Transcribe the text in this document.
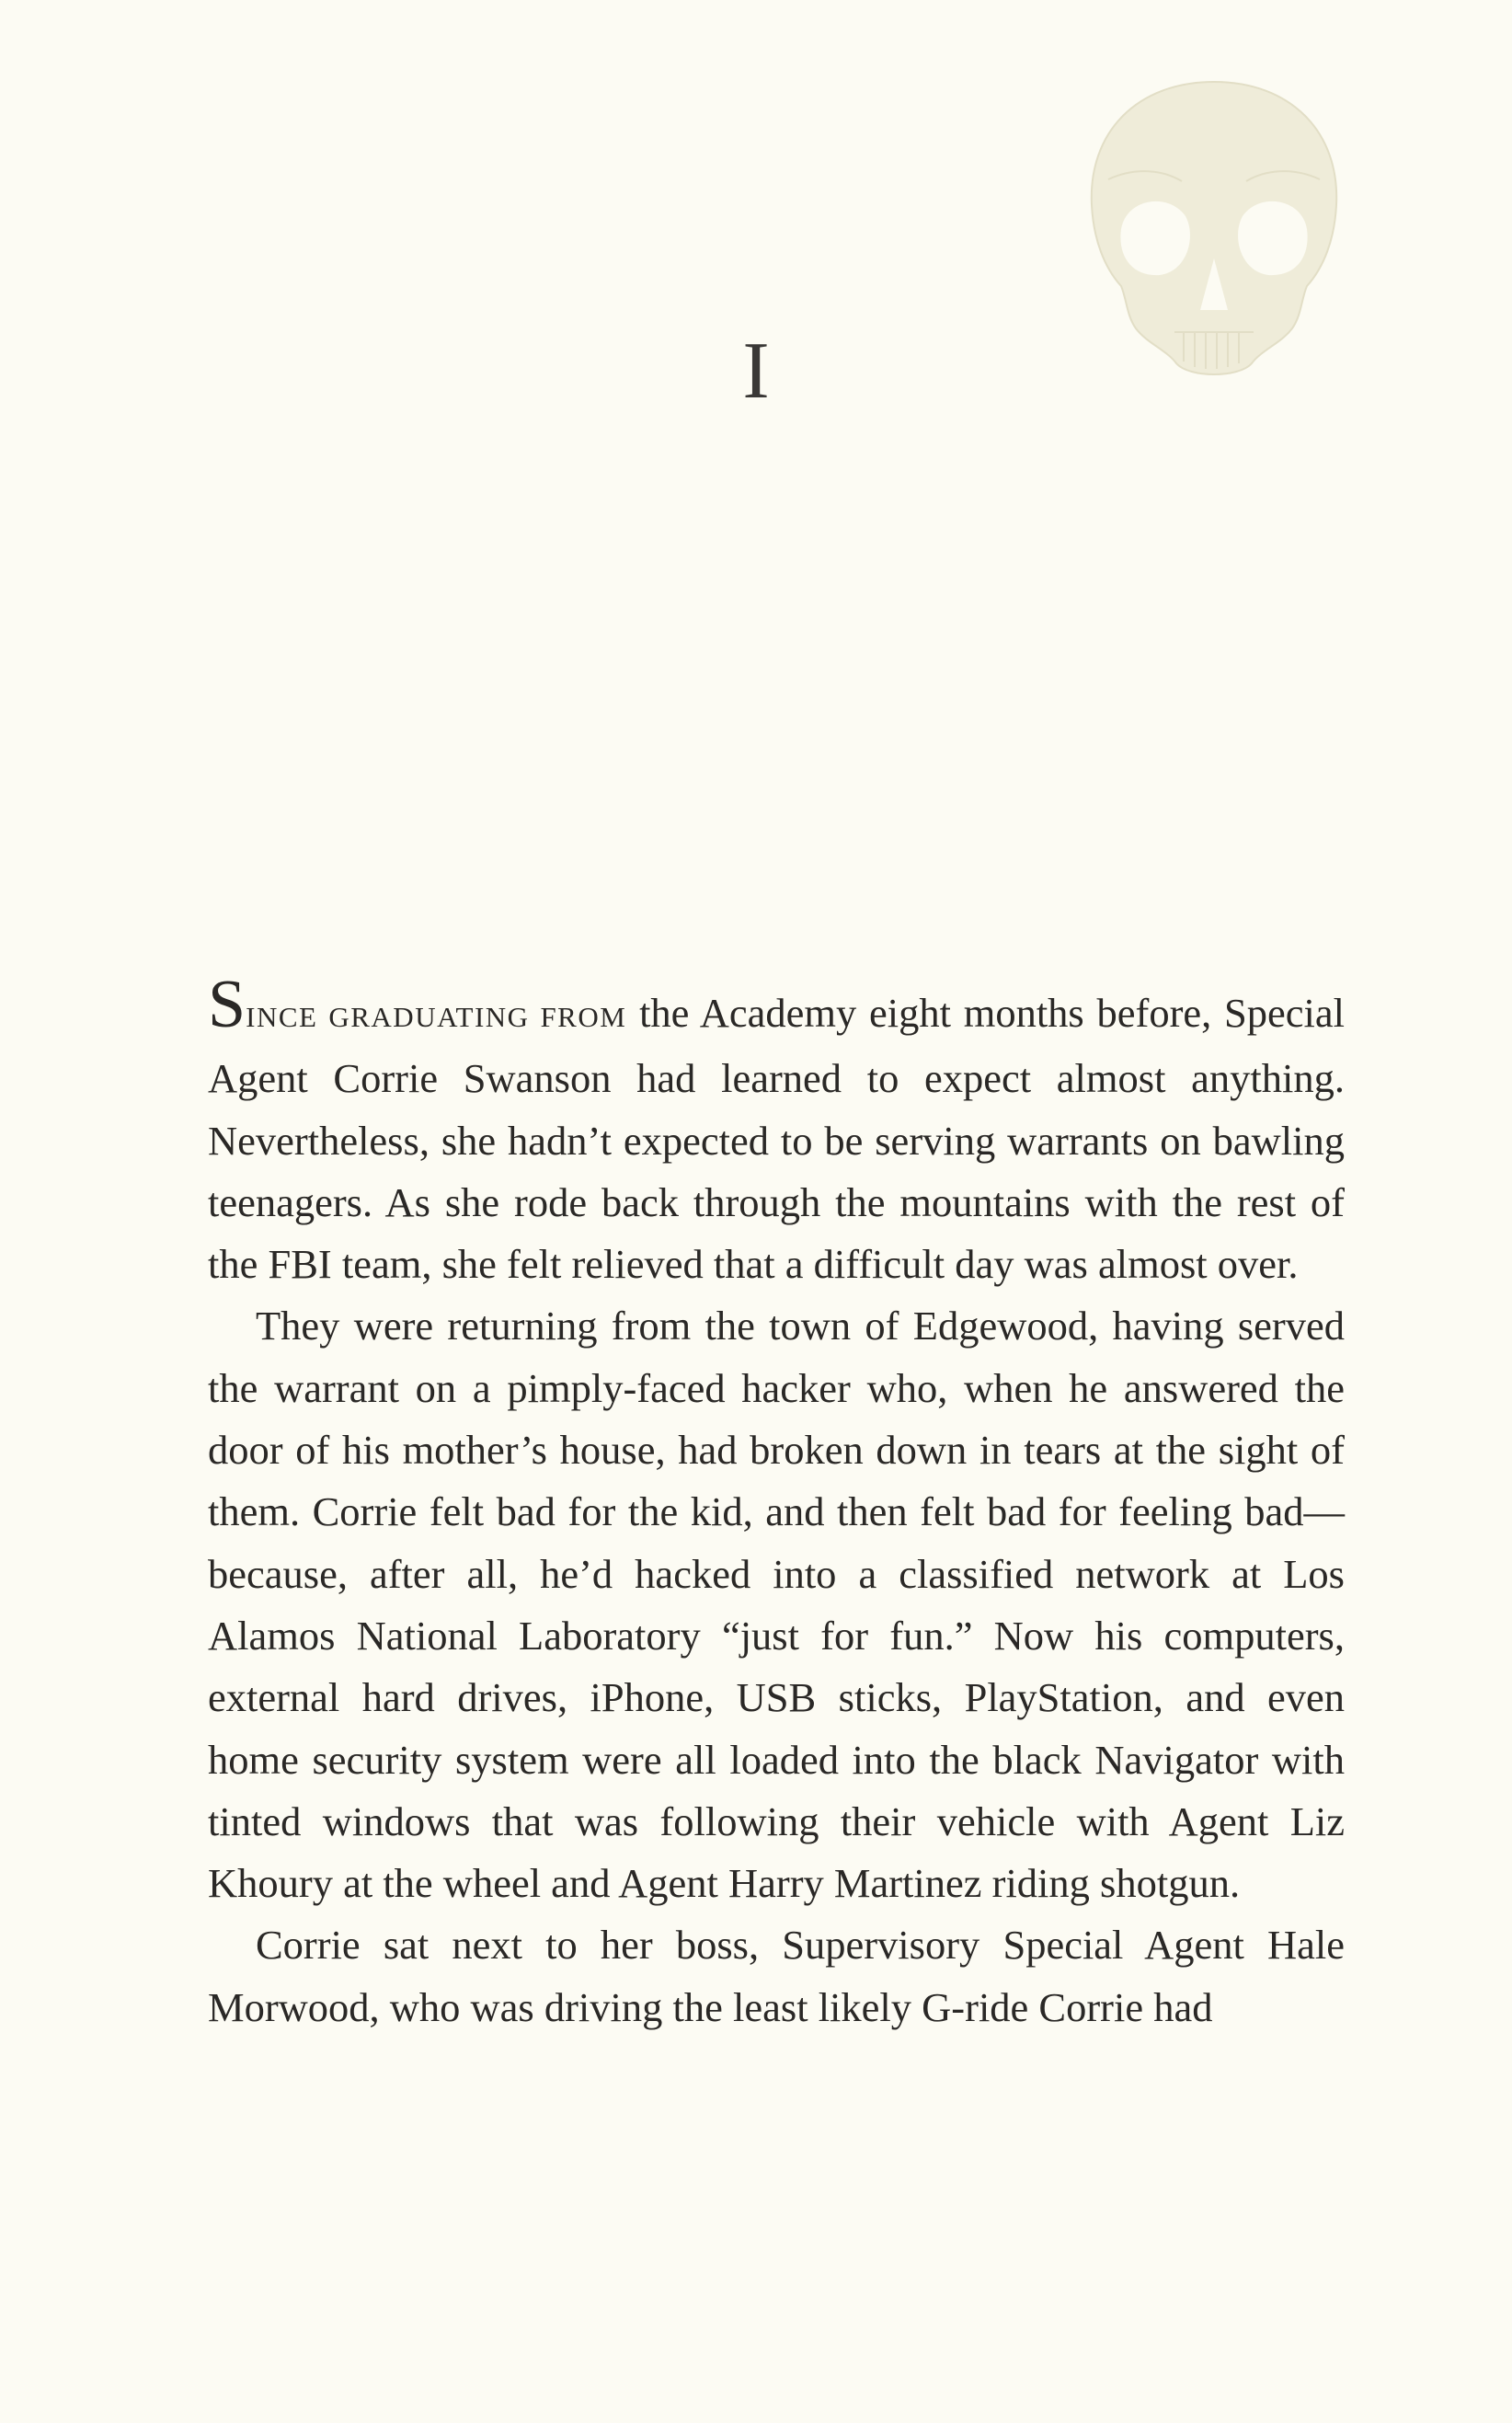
I

SINCE GRADUATING FROM the Academy eight months before, Special Agent Corrie Swanson had learned to expect almost anything. Nevertheless, she hadn’t expected to be serving warrants on bawling teenagers. As she rode back through the mountains with the rest of the FBI team, she felt relieved that a difficult day was almost over.

They were returning from the town of Edgewood, having served the warrant on a pimply-faced hacker who, when he answered the door of his mother’s house, had broken down in tears at the sight of them. Corrie felt bad for the kid, and then felt bad for feeling bad—because, after all, he’d hacked into a classified network at Los Alamos National Laboratory “just for fun.” Now his computers, external hard drives, iPhone, USB sticks, PlayStation, and even home security system were all loaded into the black Navigator with tinted windows that was following their vehicle with Agent Liz Khoury at the wheel and Agent Harry Martinez riding shotgun.

Corrie sat next to her boss, Supervisory Special Agent Hale Morwood, who was driving the least likely G-ride Corrie had
